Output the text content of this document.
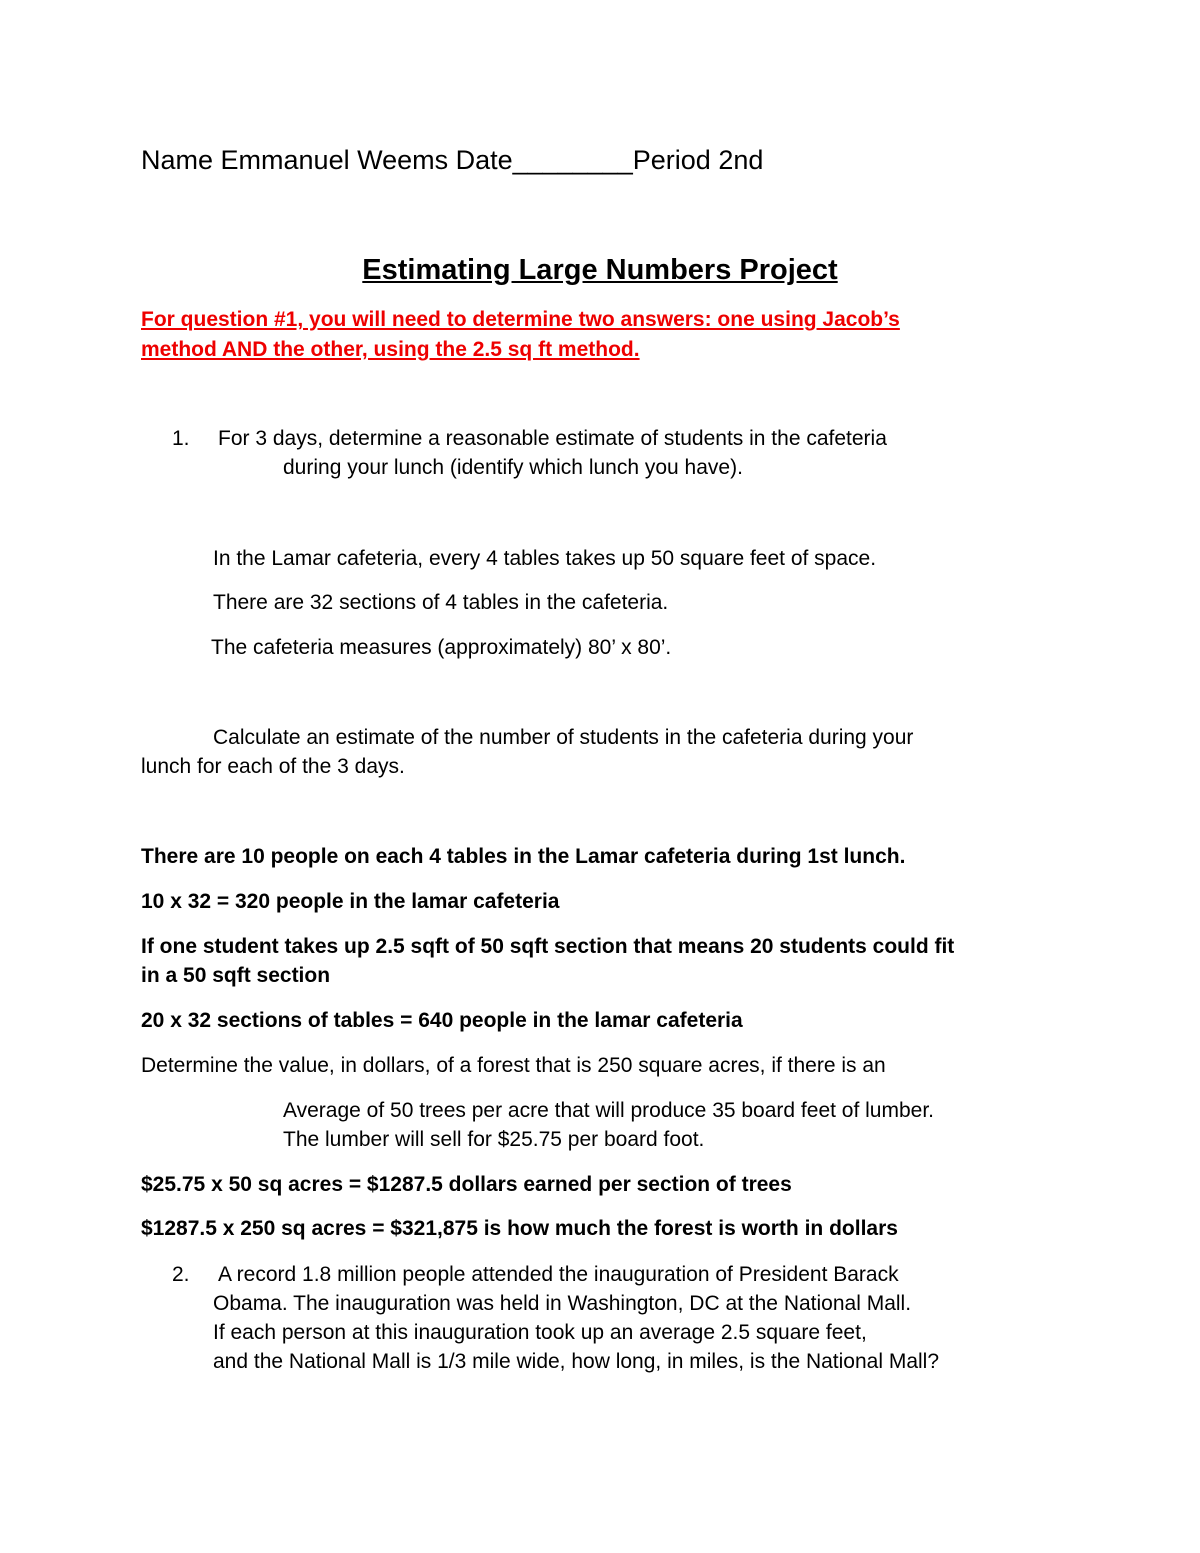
Name Emmanuel Weems Date________Period 2nd
Estimating Large Numbers Project
For question #1, you will need to determine two answers: one using Jacob’s
method AND the other, using the 2.5 sq ft method.
1. For 3 days, determine a reasonable estimate of students in the cafeteria
during your lunch (identify which lunch you have).
In the Lamar cafeteria, every 4 tables takes up 50 square feet of space.
There are 32 sections of 4 tables in the cafeteria.
The cafeteria measures (approximately) 80’ x 80’.
Calculate an estimate of the number of students in the cafeteria during your
lunch for each of the 3 days.
There are 10 people on each 4 tables in the Lamar cafeteria during 1st lunch.
10 x 32 = 320 people in the lamar cafeteria
If one student takes up 2.5 sqft of 50 sqft section that means 20 students could fit
in a 50 sqft section
20 x 32 sections of tables = 640 people in the lamar cafeteria
Determine the value, in dollars, of a forest that is 250 square acres, if there is an
Average of 50 trees per acre that will produce 35 board feet of lumber.
The lumber will sell for $25.75 per board foot.
$25.75 x 50 sq acres = $1287.5 dollars earned per section of trees
$1287.5 x 250 sq acres = $321,875 is how much the forest is worth in dollars
2. A record 1.8 million people attended the inauguration of President Barack
Obama. The inauguration was held in Washington, DC at the National Mall.
If each person at this inauguration took up an average 2.5 square feet,
and the National Mall is 1/3 mile wide, how long, in miles, is the National Mall?
